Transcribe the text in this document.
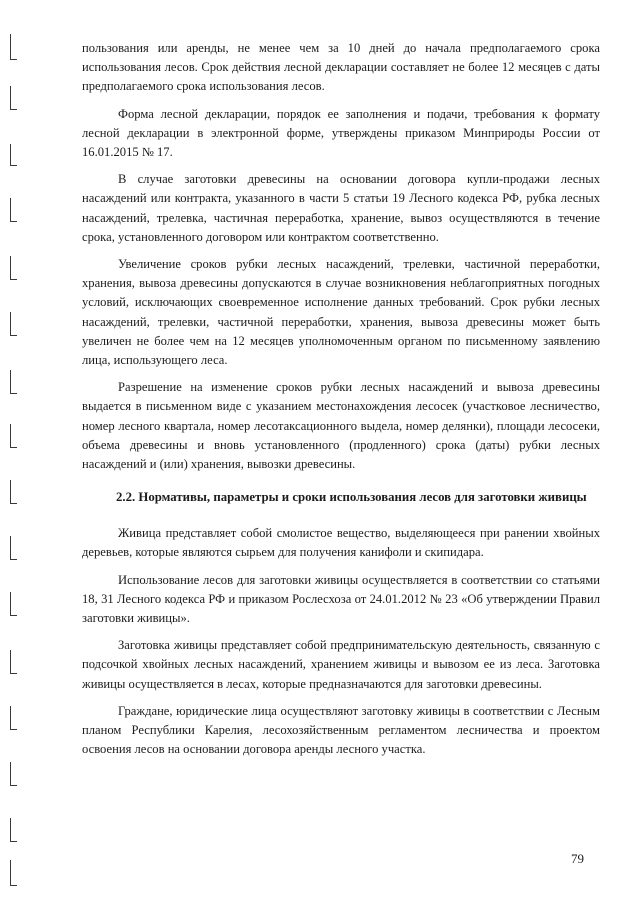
пользования или аренды, не менее чем за 10 дней до начала предполагаемого срока использования лесов. Срок действия лесной декларации составляет не более 12 месяцев с даты предполагаемого срока использования лесов.

Форма лесной декларации, порядок ее заполнения и подачи, требования к формату лесной декларации в электронной форме, утверждены приказом Минприроды России от 16.01.2015 № 17.

В случае заготовки древесины на основании договора купли-продажи лесных насаждений или контракта, указанного в части 5 статьи 19 Лесного кодекса РФ, рубка лесных насаждений, трелевка, частичная переработка, хранение, вывоз осуществляются в течение срока, установленного договором или контрактом соответственно.

Увеличение сроков рубки лесных насаждений, трелевки, частичной переработки, хранения, вывоза древесины допускаются в случае возникновения неблагоприятных погодных условий, исключающих своевременное исполнение данных требований. Срок рубки лесных насаждений, трелевки, частичной переработки, хранения, вывоза древесины может быть увеличен не более чем на 12 месяцев уполномоченным органом по письменному заявлению лица, использующего леса.

Разрешение на изменение сроков рубки лесных насаждений и вывоза древесины выдается в письменном виде с указанием местонахождения лесосек (участковое лесничество, номер лесного квартала, номер лесотаксационного выдела, номер делянки), площади лесосеки, объема древесины и вновь установленного (продленного) срока (даты) рубки лесных насаждений и (или) хранения, вывозки древесины.

2.2. Нормативы, параметры и сроки использования лесов для заготовки живицы

Живица представляет собой смолистое вещество, выделяющееся при ранении хвойных деревьев, которые являются сырьем для получения канифоли и скипидара.

Использование лесов для заготовки живицы осуществляется в соответствии со статьями 18, 31 Лесного кодекса РФ и приказом Рослесхоза от 24.01.2012 № 23 «Об утверждении Правил заготовки живицы».

Заготовка живицы представляет собой предпринимательскую деятельность, связанную с подсочкой хвойных лесных насаждений, хранением живицы и вывозом ее из леса. Заготовка живицы осуществляется в лесах, которые предназначаются для заготовки древесины.

Граждане, юридические лица осуществляют заготовку живицы в соответствии с Лесным планом Республики Карелия, лесохозяйственным регламентом лесничества и проектом освоения лесов на основании договора аренды лесного участка.

79
